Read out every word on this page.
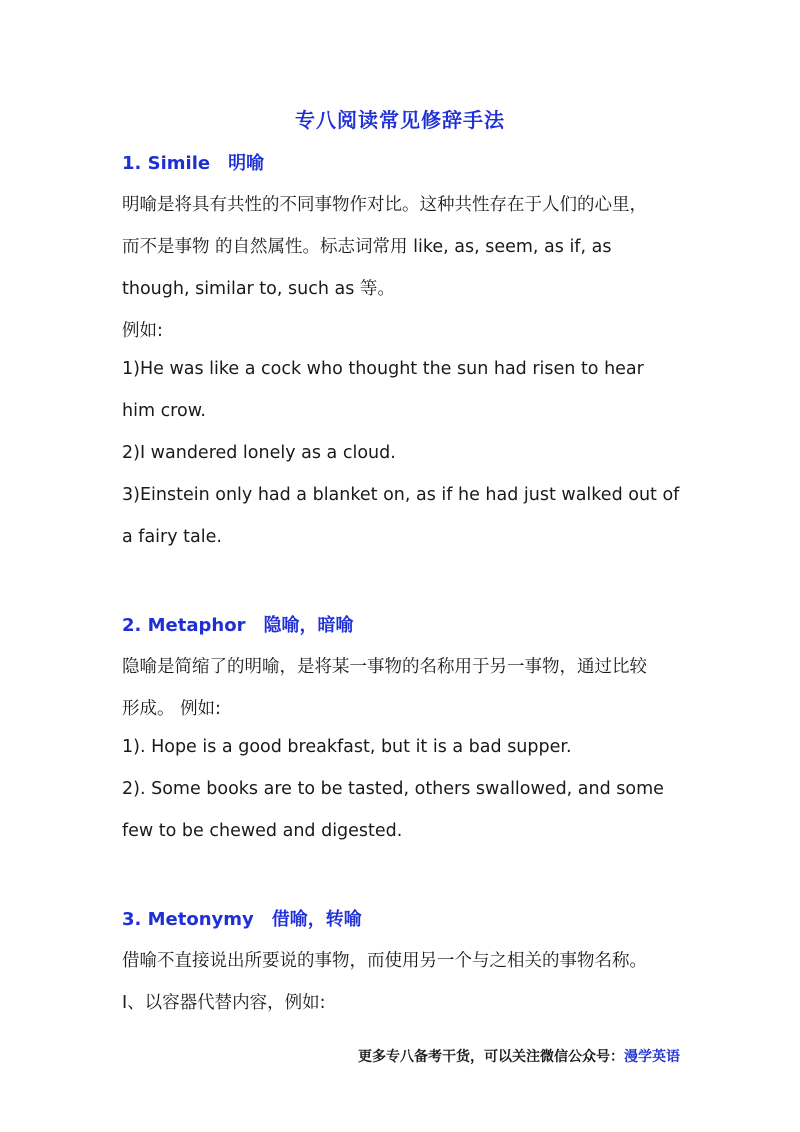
专八阅读常见修辞手法
1. Simile 明喻
明喻是将具有共性的不同事物作对比。这种共性存在于人们的心里，
而不是事物 的自然属性。标志词常用 like, as, seem, as if, as
though, similar to, such as 等。
例如:
1)He was like a cock who thought the sun had risen to hear
him crow.
2)I wandered lonely as a cloud.
3)Einstein only had a blanket on, as if he had just walked out of
a fairy tale.
2. Metaphor 隐喻，暗喻
隐喻是简缩了的明喻，是将某一事物的名称用于另一事物，通过比较
形成。 例如:
1). Hope is a good breakfast, but it is a bad supper.
2). Some books are to be tasted, others swallowed, and some
few to be chewed and digested.
3. Metonymy 借喻，转喻
借喻不直接说出所要说的事物，而使用另一个与之相关的事物名称。
I、以容器代替内容，例如:
更多专八备考干货，可以关注微信公众号：漫学英语
